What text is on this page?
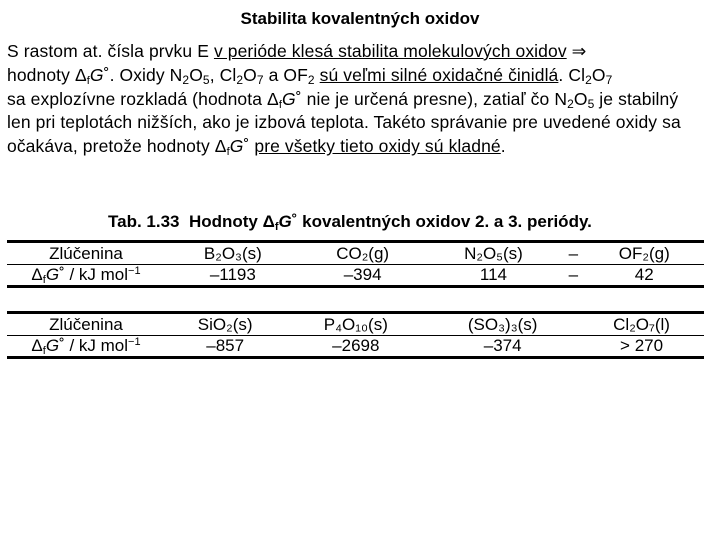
Stabilita kovalentných oxidov
S rastom at. čísla prvku E v perióde klesá stabilita molekulových oxidov ⇒
hodnoty ΔfG˚. Oxidy $N_2O_5$, $Cl_2O_7$ a $OF_2$ sú veľmi silné oxidačné činidlá. $Cl_2O_7$
sa explozívne rozkladá (hodnota ΔfG˚ nie je určená presne), zatiaľ čo $N_2O_5$ je stabilný len pri teplotách nižších, ako je izbová teplota. Takéto správanie pre uvedené oxidy sa očakáva, pretože hodnoty ΔfG˚ pre všetky tieto oxidy sú kladné.
Tab. 1.33 Hodnoty $\Delta_fG˚$ kovalentných oxidov 2. a 3. periódy.
Zlúčenina	B₂O₃(s)	CO₂(g)	N₂O₅(s)	–	OF₂(g)
$\Delta_fG˚$ / kJ mol$^{-1}$	–1193	–394	114	–	42
Zlúčenina		SiO₂(s)	P₄O₁₀(s)	(SO₃)₃(s)	Cl₂O₇(l)
$\Delta_fG˚$ / kJ mol$^{-1}$		–857	–2698	–374	> 270
